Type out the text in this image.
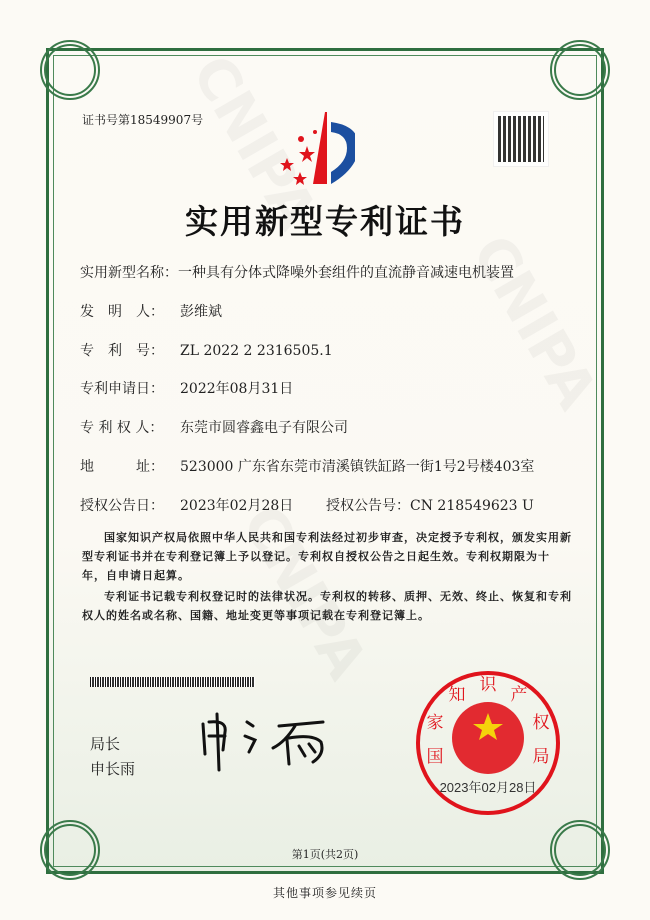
证书号第18549907号
实用新型专利证书
实用新型名称：一种具有分体式降噪外套组件的直流静音减速电机装置
发　明　人： 彭维斌
专　利　号： ZL 2022 2 2316505.1
专利申请日： 2022年08月31日
专 利 权 人： 东莞市圆睿鑫电子有限公司
地　　　址： 523000 广东省东莞市清溪镇铁缸路一街1号2号楼403室
授权公告日： 2023年02月28日 授权公告号：CN 218549623 U
国家知识产权局依照中华人民共和国专利法经过初步审查，决定授予专利权，颁发实用新型专利证书并在专利登记簿上予以登记。专利权自授权公告之日起生效。专利权期限为十年，自申请日起算。
专利证书记载专利权登记时的法律状况。专利权的转移、质押、无效、终止、恢复和专利权人的姓名或名称、国籍、地址变更等事项记载在专利登记簿上。
局长
申长雨
2023年02月28日
国
家
知 识 产
权
局
第1页(共2页)
其他事项参见续页
